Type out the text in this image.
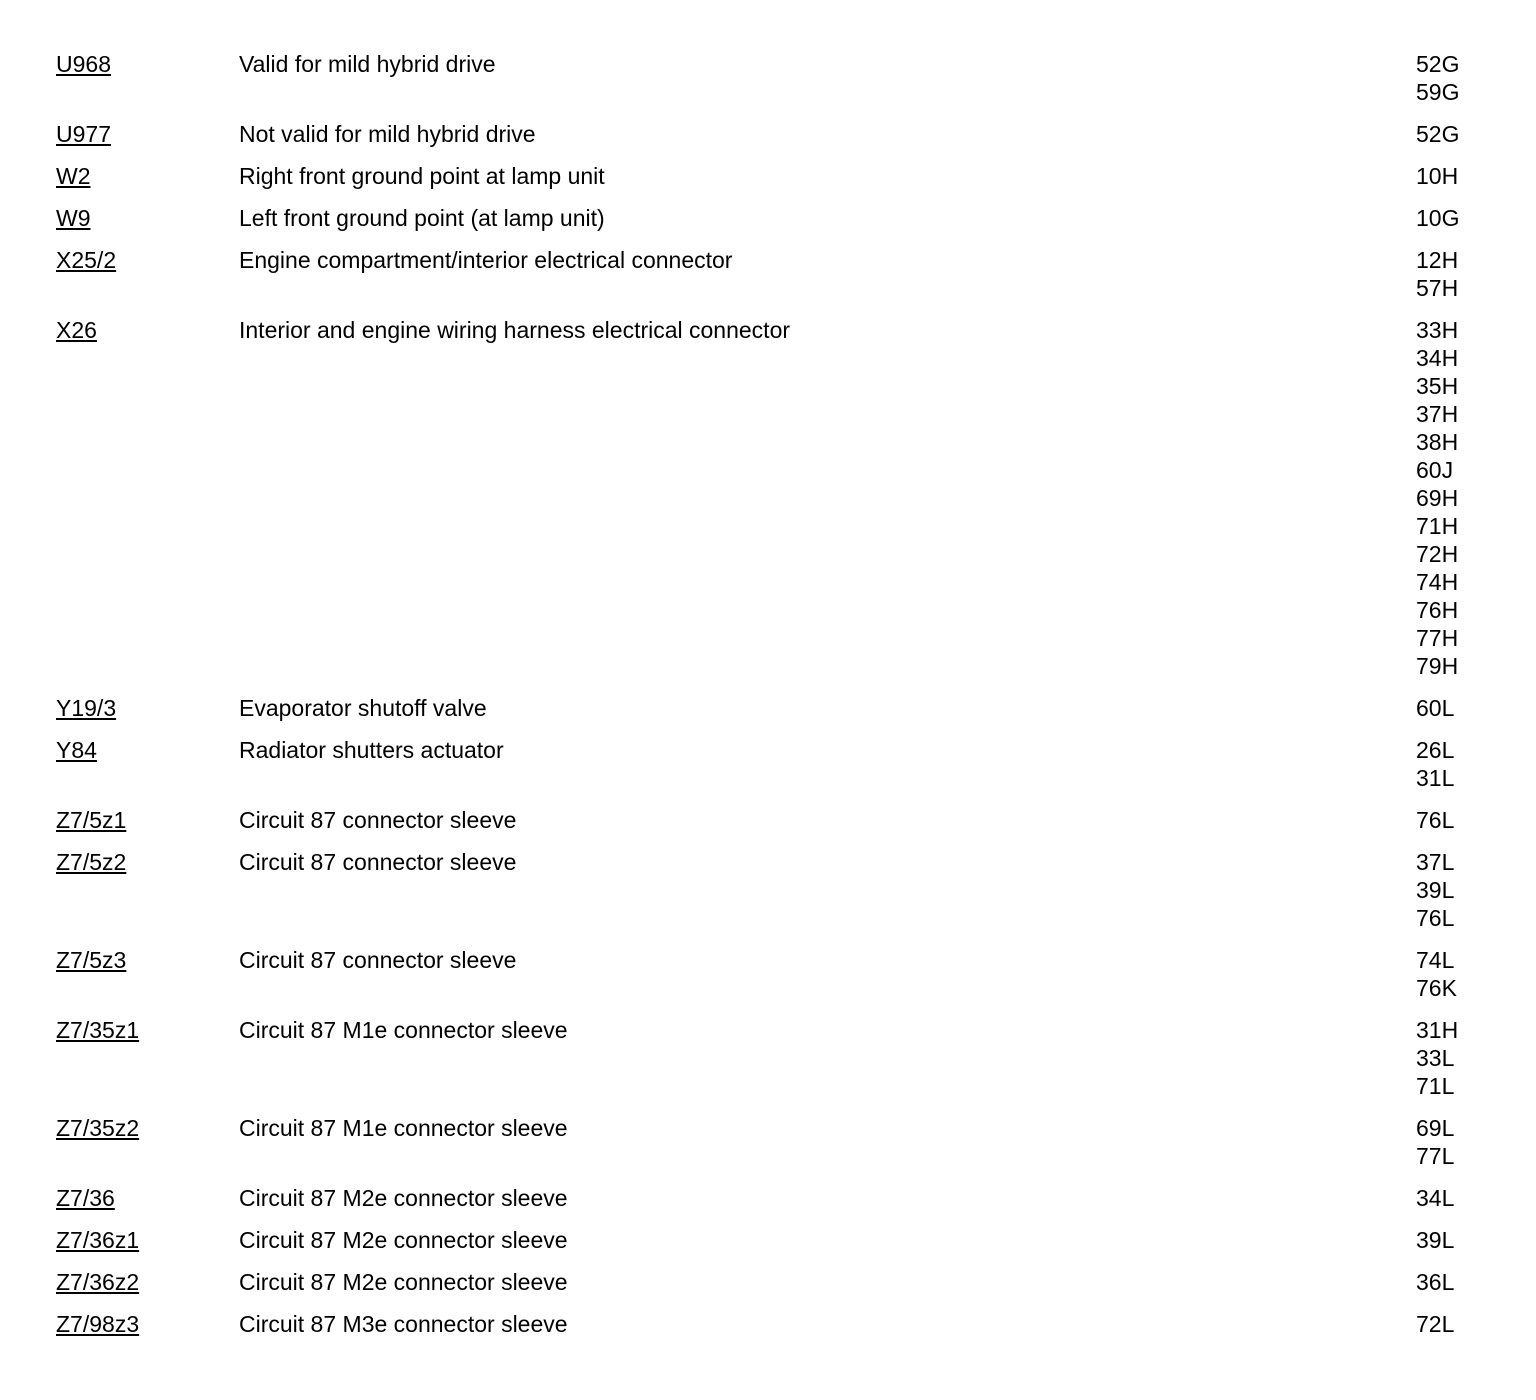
U968	Valid for mild hybrid drive	52G
59G
U977	Not valid for mild hybrid drive	52G
W2	Right front ground point at lamp unit	10H
W9	Left front ground point (at lamp unit)	10G
X25/2	Engine compartment/interior electrical connector	12H
57H
X26	Interior and engine wiring harness electrical connector	33H
34H
35H
37H
38H
60J
69H
71H
72H
74H
76H
77H
79H
Y19/3	Evaporator shutoff valve	60L
Y84	Radiator shutters actuator	26L
31L
Z7/5z1	Circuit 87 connector sleeve	76L
Z7/5z2	Circuit 87 connector sleeve	37L
39L
76L
Z7/5z3	Circuit 87 connector sleeve	74L
76K
Z7/35z1	Circuit 87 M1e connector sleeve	31H
33L
71L
Z7/35z2	Circuit 87 M1e connector sleeve	69L
77L
Z7/36	Circuit 87 M2e connector sleeve	34L
Z7/36z1	Circuit 87 M2e connector sleeve	39L
Z7/36z2	Circuit 87 M2e connector sleeve	36L
Z7/98z3	Circuit 87 M3e connector sleeve	72L
